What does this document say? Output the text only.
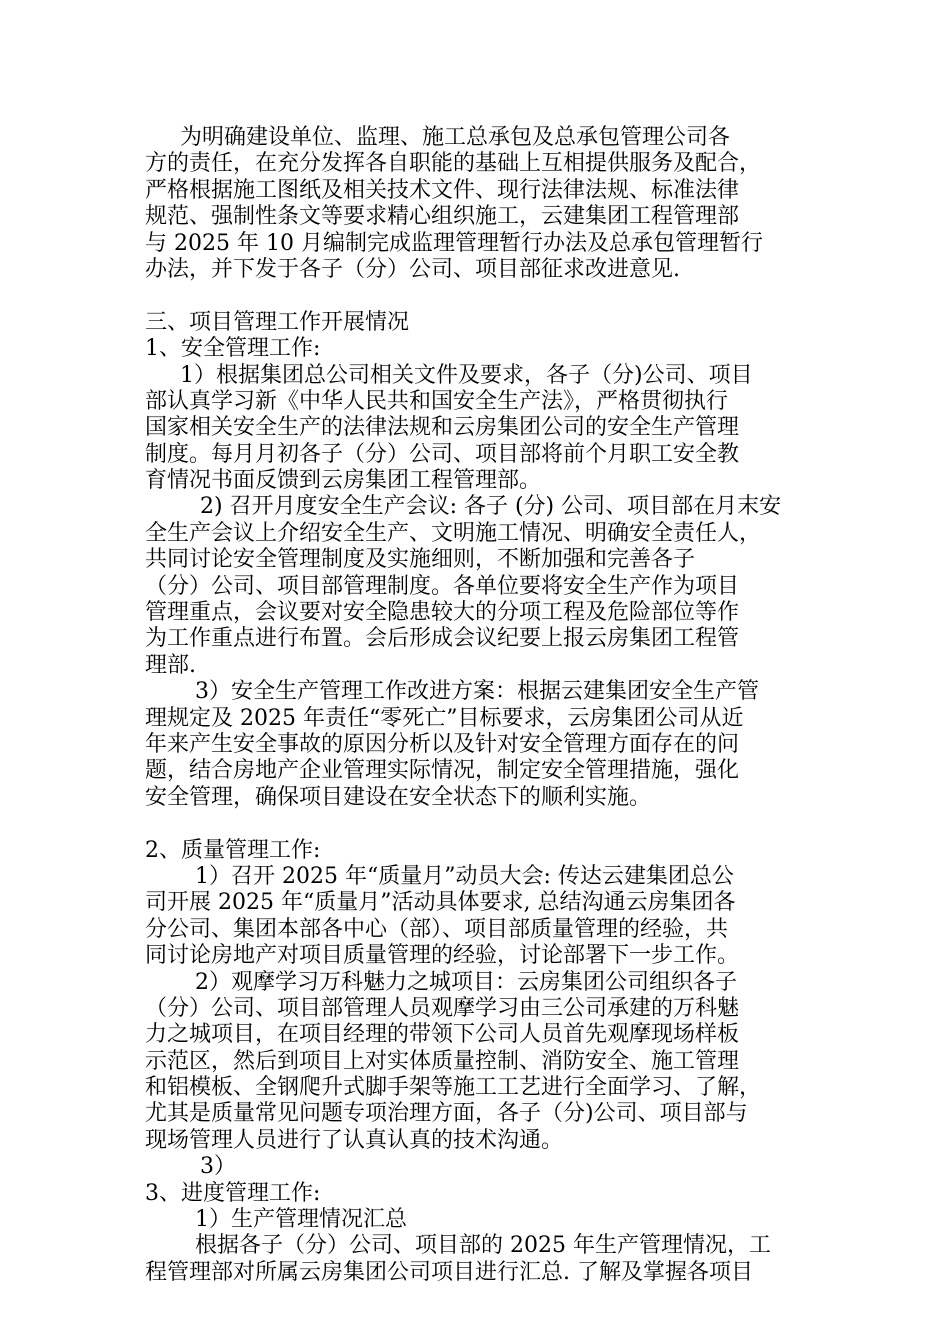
为明确建设单位、监理、施工总承包及总承包管理公司各
方的责任，在充分发挥各自职能的基础上互相提供服务及配合，
严格根据施工图纸及相关技术文件、现行法律法规、标准法律
规范、强制性条文等要求精心组织施工，云建集团工程管理部
与 2025 年 10 月编制完成监理管理暂行办法及总承包管理暂行
办法，并下发于各子（分）公司、项目部征求改进意见.
三、项目管理工作开展情况
1、安全管理工作:
1）根据集团总公司相关文件及要求，各子（分)公司、项目
部认真学习新《中华人民共和国安全生产法》，严格贯彻执行
国家相关安全生产的法律法规和云房集团公司的安全生产管理
制度。每月月初各子（分）公司、项目部将前个月职工安全教
育情况书面反馈到云房集团工程管理部。
2) 召开月度安全生产会议: 各子 (分) 公司、项目部在月末安
全生产会议上介绍安全生产、文明施工情况、明确安全责任人，
共同讨论安全管理制度及实施细则，不断加强和完善各子
（分）公司、项目部管理制度。各单位要将安全生产作为项目
管理重点，会议要对安全隐患较大的分项工程及危险部位等作
为工作重点进行布置。会后形成会议纪要上报云房集团工程管
理部.
3）安全生产管理工作改进方案：根据云建集团安全生产管
理规定及 2025 年责任“零死亡”目标要求，云房集团公司从近
年来产生安全事故的原因分析以及针对安全管理方面存在的问
题，结合房地产企业管理实际情况，制定安全管理措施，强化
安全管理，确保项目建设在安全状态下的顺利实施。
2、质量管理工作:
1）召开 2025 年“质量月”动员大会: 传达云建集团总公
司开展 2025 年“质量月”活动具体要求, 总结沟通云房集团各
分公司、集团本部各中心（部）、项目部质量管理的经验，共
同讨论房地产对项目质量管理的经验，讨论部署下一步工作。
2）观摩学习万科魅力之城项目：云房集团公司组织各子
（分）公司、项目部管理人员观摩学习由三公司承建的万科魅
力之城项目，在项目经理的带领下公司人员首先观摩现场样板
示范区，然后到项目上对实体质量控制、消防安全、施工管理
和铝模板、全钢爬升式脚手架等施工工艺进行全面学习、了解，
尤其是质量常见问题专项治理方面，各子（分)公司、项目部与
现场管理人员进行了认真认真的技术沟通。
3）
3、进度管理工作:
1）生产管理情况汇总
根据各子（分）公司、项目部的 2025 年生产管理情况，工
程管理部对所属云房集团公司项目进行汇总. 了解及掌握各项目
